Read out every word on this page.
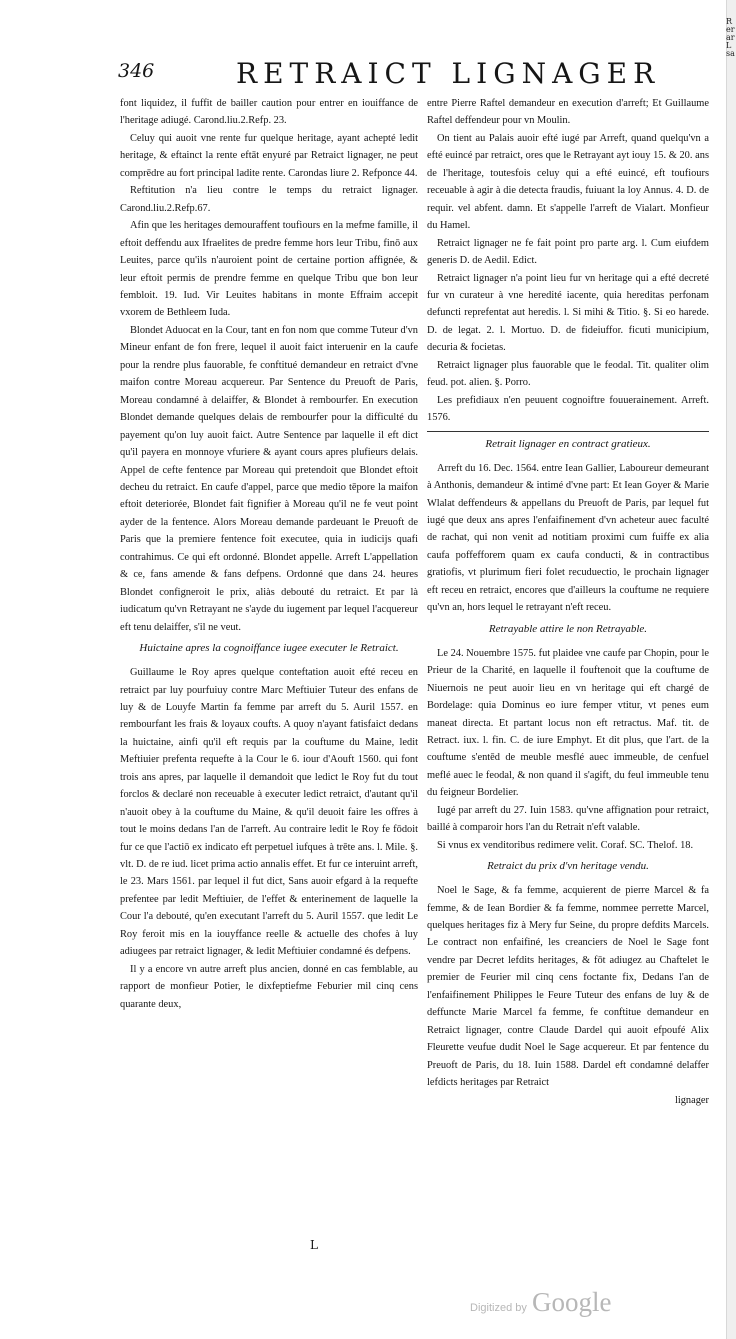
346	RETRAICT LIGNAGER

font liquidez, il fuffit de bailler caution pour entrer en iouiffance de l'heritage adiugé. Carond.liu.2.Refp. 23.

Celuy qui auoit vne rente fur quelque heritage, ayant achepté ledit heritage, & eftainct la rente eftāt enyuré par Retraict lignager, ne peut comprēdre au fort principal ladite rente. Carondas liure 2. Refponce 44.

Reftitution n'a lieu contre le temps du retraict lignager. Carond.liu.2.Refp.67.

Afin que les heritages demouraffent toufiours en la mefme famille, il eftoit deffendu aux Ifraelites de predre femme hors leur Tribu, finō aux Leuites, parce qu'ils n'auroient point de certaine portion affignée, & leur eftoit permis de prendre femme en quelque Tribu que bon leur fembloit. 19. Iud. Vir Leuites habitans in monte Effraim accepit vxorem de Bethleem Iuda.

Blondet Aduocat en la Cour, tant en fon nom que comme Tuteur d'vn Mineur enfant de fon frere, lequel il auoit faict interuenir en la caufe pour la rendre plus fauorable, fe conftitué demandeur en retraict d'vne maifon contre Moreau acquereur. Par Sentence du Preuoft de Paris, Moreau condamné à delaiffer, & Blondet à rembourfer. En execution Blondet demande quelques delais de rembourfer pour la difficulté du payement qu'on luy auoit faict. Autre Sentence par laquelle il eft dict qu'il payera en monnoye vfuriere & ayant cours apres plufieurs delais. Appel de cefte fentence par Moreau qui pretendoit que Blondet eftoit decheu du retraict. En caufe d'appel, parce que medio tēpore la maifon eftoit deteriorée, Blondet fait fignifier à Moreau qu'il ne fe veut point ayder de la fentence. Alors Moreau demande pardeuant le Preuoft de Paris que la premiere fentence foit executee, quia in iudicijs quafi contrahimus. Ce qui eft ordonné. Blondet appelle. Arreft L'appellation & ce, fans amende & fans defpens. Ordonné que dans 24. heures Blondet configneroit le prix, aliàs debouté du retraict. Et par là iudicatum qu'vn Retrayant ne s'ayde du iugement par lequel l'acquereur eft tenu delaiffer, s'il ne veut.

Huictaine apres la cognoiffance iugee executer le Retraict.

Guillaume le Roy apres quelque conteftation auoit efté receu en retraict par luy pourfuiuy contre Marc Meftiuier Tuteur des enfans de luy & de Louyfe Martin fa femme par arreft du 5. Auril 1557. en rembourfant les frais & loyaux coufts. A quoy n'ayant fatisfaict dedans la huictaine, ainfi qu'il eft requis par la couftume du Maine, ledit Meftiuier prefenta requefte à la Cour le 6. iour d'Aouft 1560. qui font trois ans apres, par laquelle il demandoit que ledict le Roy fut du tout forclos & declaré non receuable à executer ledict retraict, d'autant qu'il n'auoit obey à la couftume du Maine, & qu'il deuoit faire les offres à tout le moins dedans l'an de l'arreft. Au contraire ledit le Roy fe fōdoit fur ce que l'actiō ex indicato eft perpetuel iufques à trēte ans. l. Mile. §. vlt. D. de re iud. licet prima actio annalis effet. Et fur ce interuint arreft, le 23. Mars 1561. par lequel il fut dict, Sans auoir efgard à la requefte prefentee par ledit Meftiuier, de l'effet & enterinement de laquelle la Cour l'a debouté, qu'en executant l'arreft du 5. Auril 1557. que ledit Le Roy feroit mis en la iouyffance reelle & actuelle des chofes à luy adiugees par retraict lignager, & ledit Meftiuier condamné és defpens.

Il y a encore vn autre arreft plus ancien, donné en cas femblable, au rapport de monfieur Potier, le dixfeptiefme Feburier mil cinq cens quarante deux,

entre Pierre Raftel demandeur en execution d'arreft; Et Guillaume Raftel deffendeur pour vn Moulin.

On tient au Palais auoir efté iugé par Arreft, quand quelqu'vn a efté euincé par retraict, ores que le Retrayant ayt iouy 15. & 20. ans de l'heritage, toutesfois celuy qui a efté euincé, eft toufiours receuable à agir à die detecta fraudis, fuiuant la loy Annus. 4. D. de requir. vel abfent. damn. Et s'appelle l'arreft de Vialart. Monfieur du Hamel.

Retraict lignager ne fe fait point pro parte arg. l. Cum eiufdem generis D. de Aedil. Edict.

Retraict lignager n'a point lieu fur vn heritage qui a efté decreté fur vn curateur à vne heredité iacente, quia hereditas perfonam defuncti reprefentat aut heredis. l. Si mihi & Titio. §. Si eo harede. D. de legat. 2. l. Mortuo. D. de fideiuffor. ficuti municipium, decuria & focietas.

Retraict lignager plus fauorable que le feodal. Tit. qualiter olim feud. pot. alien. §. Porro.

Les prefidiaux n'en peuuent cognoiftre fouuerainement. Arreft. 1576.

Retrait lignager en contract gratieux.

Arreft du 16. Dec. 1564. entre Iean Gallier, Laboureur demeurant à Anthonis, demandeur & intimé d'vne part: Et Iean Goyer & Marie Wlalat deffendeurs & appellans du Preuoft de Paris, par lequel fut iugé que deux ans apres l'enfaifinement d'vn acheteur auec faculté de rachat, qui non venit ad notitiam proximi cum fuiffe ex alia caufa poffefforem quam ex caufa conducti, & in contractibus gratiofis, vt plurimum fieri folet recuduectio, le prochain lignager eft receu en retraict, encores que d'ailleurs la couftume ne requiere qu'vn an, hors lequel le retrayant n'eft receu.

Retrayable attire le non Retrayable.

Le 24. Nouembre 1575. fut plaidee vne caufe par Chopin, pour le Prieur de la Charité, en laquelle il fouftenoit que la couftume de Niuernois ne peut auoir lieu en vn heritage qui eft chargé de Bordelage: quia Dominus eo iure femper vtitur, vt penes eum maneat directa. Et partant locus non eft retractus. Maf. tit. de Retract. iux. l. fin. C. de iure Emphyt. Et dit plus, que l'art. de la couftume s'entēd de meuble mesflé auec immeuble, de cenfuel meflé auec le feodal, & non quand il s'agift, du feul immeuble tenu du feigneur Bordelier.

Iugé par arreft du 27. Iuin 1583. qu'vne affignation pour retraict, baillé à comparoir hors l'an du Retrait n'eft valable.

Si vnus ex venditoribus redimere velit. Coraf. SC. Thelof. 18.

Retraict du prix d'vn heritage vendu.

Noel le Sage, & fa femme, acquierent de pierre Marcel & fa femme, & de Iean Bordier & fa femme, nommee perrette Marcel, quelques heritages fiz à Mery fur Seine, du propre defdits Marcels. Le contract non enfaifiné, les creanciers de Noel le Sage font vendre par Decret lefdits heritages, & fōt adiugez au Chaftelet le premier de Feurier mil cinq cens foctante fix, Dedans l'an de l'enfaifinement Philippes le Feure Tuteur des enfans de luy & de deffuncte Marie Marcel fa femme, fe conftitue demandeur en Retraict lignager, contre Claude Dardel qui auoit efpoufé Alix Fleurette veufue dudit Noel le Sage acquereur. Et par fentence du Preuoft de Paris, du 18. Iuin 1588. Dardel eft condamné delaffer lefdicts heritages par Retraict

lignager

Rer ar L sa
L
Digitized by Google
